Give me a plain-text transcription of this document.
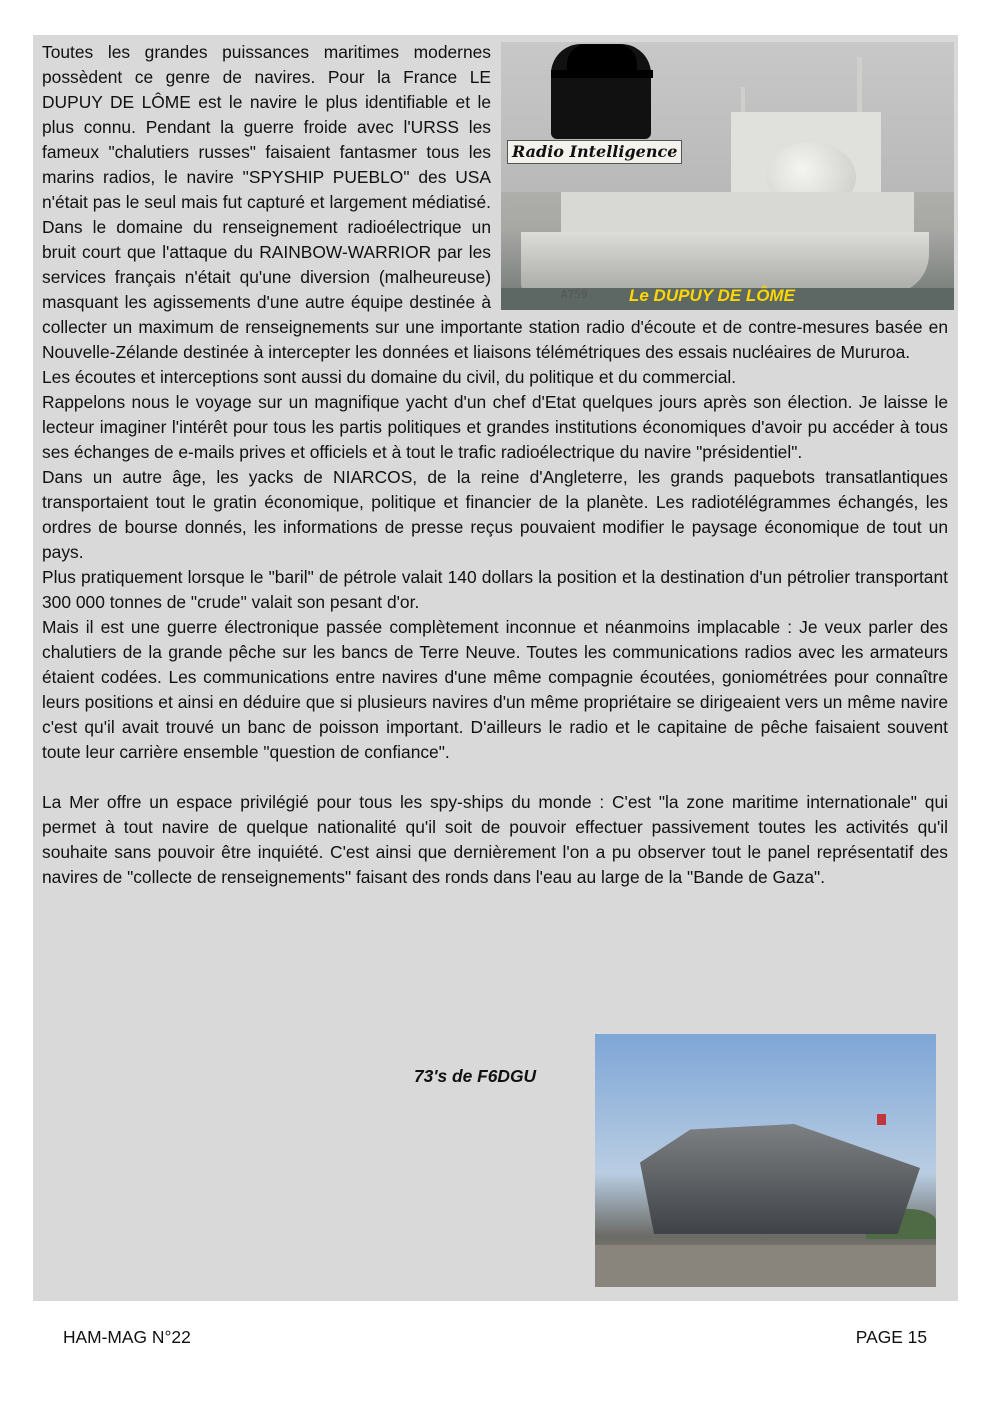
A759
Radio Intelligence
Le DUPUY DE LÔME

Toutes les grandes puissances maritimes modernes possèdent ce genre de navires. Pour la France LE DUPUY DE LÔME est le navire le plus identifiable et le plus connu. Pendant la guerre froide avec l'URSS les fameux "chalutiers russes" faisaient fantasmer tous les marins radios, le navire "SPYSHIP PUEBLO" des USA n'était pas le seul mais fut capturé et largement médiatisé. Dans le domaine du renseignement radioélectrique un bruit court que l'attaque du RAINBOW-WARRIOR par les services français n'était qu'une diversion (malheureuse) masquant les agissements d'une autre équipe destinée à collecter un maximum de renseignements sur une importante station radio d'écoute et de contre-mesures basée en Nouvelle-Zélande destinée à intercepter les données et liaisons télémétriques des essais nucléaires de Mururoa.

Les écoutes et interceptions sont aussi du domaine du civil, du politique et du commercial.

Rappelons nous le voyage sur un magnifique yacht d'un chef d'Etat quelques jours après son élection. Je laisse le lecteur imaginer l'intérêt pour tous les partis politiques et grandes institutions économiques d'avoir pu accéder à tous ses échanges de e-mails prives et officiels et à tout le trafic radioélectrique du navire "présidentiel".

Dans un autre âge, les yacks de NIARCOS, de la reine d'Angleterre, les grands paquebots transatlantiques transportaient tout le gratin économique, politique et financier de la planète. Les radiotélégrammes échangés, les ordres de bourse donnés, les informations de presse reçus pouvaient modifier le paysage économique de tout un pays.

Plus pratiquement lorsque le "baril" de pétrole valait 140 dollars la position et la destination d'un pétrolier transportant 300 000 tonnes de "crude" valait son pesant d'or.

Mais il est une guerre électronique passée complètement inconnue et néanmoins implacable : Je veux parler des chalutiers de la grande pêche sur les bancs de Terre Neuve. Toutes les communications radios avec les armateurs étaient codées. Les communications entre navires d'une même compagnie écoutées, goniométrées pour connaître leurs positions et ainsi en déduire que si plusieurs navires d'un même propriétaire se dirigeaient vers un même navire c'est qu'il avait trouvé un banc de poisson important. D'ailleurs le radio et le capitaine de pêche faisaient souvent toute leur carrière ensemble "question de confiance".

La Mer offre un espace privilégié pour tous les spy-ships du monde : C'est "la zone maritime internationale" qui permet à tout navire de quelque nationalité qu'il soit de pouvoir effectuer passivement toutes les activités qu'il souhaite sans pouvoir être inquiété. C'est ainsi que dernièrement l'on a pu observer tout le panel représentatif des navires de "collecte de renseignements" faisant des ronds dans l'eau au large de la "Bande de Gaza".

73's de F6DGU
HAM-MAG N°22	PAGE 15
